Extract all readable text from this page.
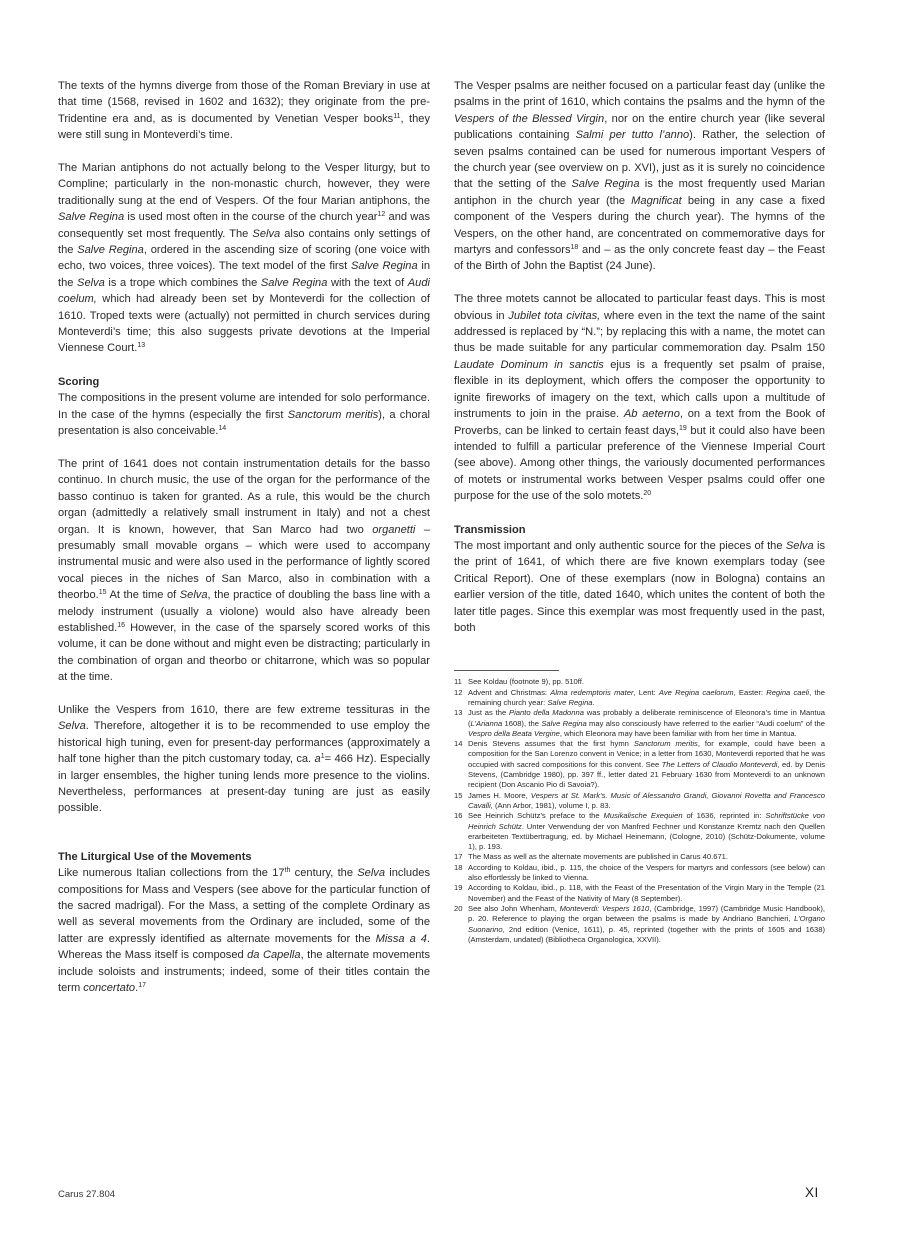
The texts of the hymns diverge from those of the Roman Breviary in use at that time (1568, revised in 1602 and 1632); they originate from the pre-Tridentine era and, as is documented by Venetian Vesper books$^{11}$, they were still sung in Monteverdi’s time.

The Marian antiphons do not actually belong to the Vesper liturgy, but to Compline; particularly in the non-monastic church, however, they were traditionally sung at the end of Vespers. Of the four Marian antiphons, the Salve Regina is used most often in the course of the church year$^{12}$ and was consequently set most frequently. The Selva also contains only settings of the Salve Regina, ordered in the ascending size of scoring (one voice with echo, two voices, three voices). The text model of the first Salve Regina in the Selva is a trope which combines the Salve Regina with the text of Audi coelum, which had already been set by Monteverdi for the collection of 1610. Troped texts were (actually) not permitted in church services during Monteverdi’s time; this also suggests private devotions at the Imperial Viennese Court.$^{13}$

Scoring

The compositions in the present volume are intended for solo performance. In the case of the hymns (especially the first Sanctorum meritis), a choral presentation is also conceivable.$^{14}$

The print of 1641 does not contain instrumentation details for the basso continuo. In church music, the use of the organ for the performance of the basso continuo is taken for granted. As a rule, this would be the church organ (admittedly a relatively small instrument in Italy) and not a chest organ. It is known, however, that San Marco had two organetti – presumably small movable organs – which were used to accompany instrumental music and were also used in the performance of lightly scored vocal pieces in the niches of San Marco, also in combination with a theorbo.$^{15}$ At the time of Selva, the practice of doubling the bass line with a melody instrument (usually a violone) would also have already been established.$^{16}$ However, in the case of the sparsely scored works of this volume, it can be done without and might even be distracting; particularly in the combination of organ and theorbo or chitarrone, which was so popular at the time.

Unlike the Vespers from 1610, there are few extreme tessituras in the Selva. Therefore, altogether it is to be recommended to use employ the historical high tuning, even for present-day performances (approximately a half tone higher than the pitch customary today, ca. $a^1= 466$ Hz). Especially in larger ensembles, the higher tuning lends more presence to the violins. Nevertheless, performances at present-day tuning are just as easily possible.

The Liturgical Use of the Movements

Like numerous Italian collections from the 17th century, the Selva includes compositions for Mass and Vespers (see above for the particular function of the sacred madrigal). For the Mass, a setting of the complete Ordinary as well as several movements from the Ordinary are included, some of the latter are expressly identified as alternate movements for the Missa a 4. Whereas the Mass itself is composed da Capella, the alternate movements include soloists and instruments; indeed, some of their titles contain the term concertato.$^{17}$

The Vesper psalms are neither focused on a particular feast day (unlike the psalms in the print of 1610, which contains the psalms and the hymn of the Vespers of the Blessed Virgin, nor on the entire church year (like several publications containing Salmi per tutto l’anno). Rather, the selection of seven psalms contained can be used for numerous important Vespers of the church year (see overview on p. XVI), just as it is surely no coincidence that the setting of the Salve Regina is the most frequently used Marian antiphon in the church year (the Magnificat being in any case a fixed component of the Vespers during the church year). The hymns of the Vespers, on the other hand, are concentrated on commemorative days for martyrs and confessors$^{18}$ and – as the only concrete feast day – the Feast of the Birth of John the Baptist (24 June).

The three motets cannot be allocated to particular feast days. This is most obvious in Jubilet tota civitas, where even in the text the name of the saint addressed is replaced by “N.”; by replacing this with a name, the motet can thus be made suitable for any particular commemoration day. Psalm 150 Laudate Dominum in sanctis ejus is a frequently set psalm of praise, flexible in its deployment, which offers the composer the opportunity to ignite fireworks of imagery on the text, which calls upon a multitude of instruments to join in the praise. Ab aeterno, on a text from the Book of Proverbs, can be linked to certain feast days,$^{19}$ but it could also have been intended to fulfill a particular preference of the Viennese Imperial Court (see above). Among other things, the variously documented performances of motets or instrumental works between Vesper psalms could offer one purpose for the use of the solo motets.$^{20}$

Transmission

The most important and only authentic source for the pieces of the Selva is the print of 1641, of which there are five known exemplars today (see Critical Report). One of these exemplars (now in Bologna) contains an earlier version of the title, dated 1640, which unites the content of both the later title pages. Since this exemplar was most frequently used in the past, both

11 See Koldau (footnote 9), pp. 510ff.

12 Advent and Christmas: Alma redemptoris mater, Lent: Ave Regina caelorum, Easter: Regina caeli, the remaining church year: Salve Regina.

13 Just as the Pianto della Madonna was probably a deliberate reminiscence of Eleonora’s time in Mantua (L’Arianna 1608), the Salve Regina may also consciously have referred to the earlier “Audi coelum” of the Vespro della Beata Vergine, which Eleonora may have been familiar with from her time in Mantua.

14 Denis Stevens assumes that the first hymn Sanctorum meritis, for example, could have been a composition for the San Lorenzo convent in Venice; in a letter from 1630, Monteverdi reported that he was occupied with sacred compositions for this convent. See The Letters of Claudio Monteverdi, ed. by Denis Stevens, (Cambridge 1980), pp. 397 ff., letter dated 21 February 1630 from Monteverdi to an unknown recipient (Don Ascanio Pio di Savoia?).

15 James H. Moore, Vespers at St. Mark’s. Music of Alessandro Grandi, Giovanni Rovetta and Francesco Cavalli, (Ann Arbor, 1981), volume I, p. 83.

16 See Heinrich Schütz’s preface to the Musikalische Exequien of 1636, reprinted in: Schriftstücke von Heinrich Schütz. Unter Verwendung der von Manfred Fechner und Konstanze Kremtz nach den Quellen erarbeiteten Textübertragung, ed. by Michael Heinemann, (Cologne, 2010) (Schütz-Dokumente, volume 1), p. 193.

17 The Mass as well as the alternate movements are published in Carus 40.671.

18 According to Koldau, ibid., p. 115, the choice of the Vespers for martyrs and confessors (see below) can also effortlessly be linked to Vienna.

19 According to Koldau, ibid., p. 118, with the Feast of the Presentation of the Virgin Mary in the Temple (21 November) and the Feast of the Nativity of Mary (8 September).

20 See also John Whenham, Monteverdi: Vespers 1610, (Cambridge, 1997) (Cambridge Music Handbook), p. 20. Reference to playing the organ between the psalms is made by Andriano Banchieri, L’Organo Suonarino, 2nd edition (Venice, 1611), p. 45, reprinted (together with the prints of 1605 and 1638) (Amsterdam, undated) (Bibliotheca Organologica, XXVII).

Carus 27.804	XI
